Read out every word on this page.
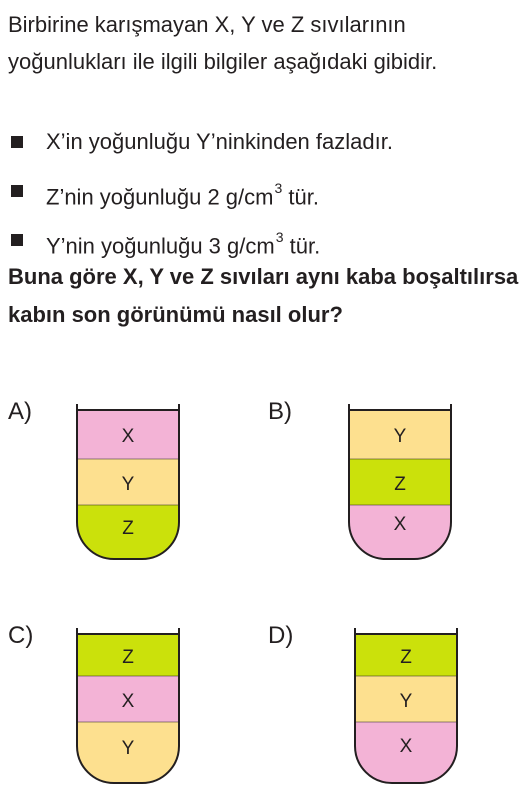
Birbirine karışmayan X, Y ve Z sıvılarının yoğunlukları ile ilgili bilgiler aşağıdaki gibidir.
X’in yoğunluğu Y’ninkinden fazladır.
Z’nin yoğunluğu 2 $g/cm^3$ tür.
Y’nin yoğunluğu 3 $g/cm^3$ tür.
Buna göre X, Y ve Z sıvıları aynı kaba boşaltılırsa kabın son görünümü nasıl olur?
A)
X
Y
Z
B)
Y
Z
X
C)
Z
X
Y
D)
Z
Y
X
